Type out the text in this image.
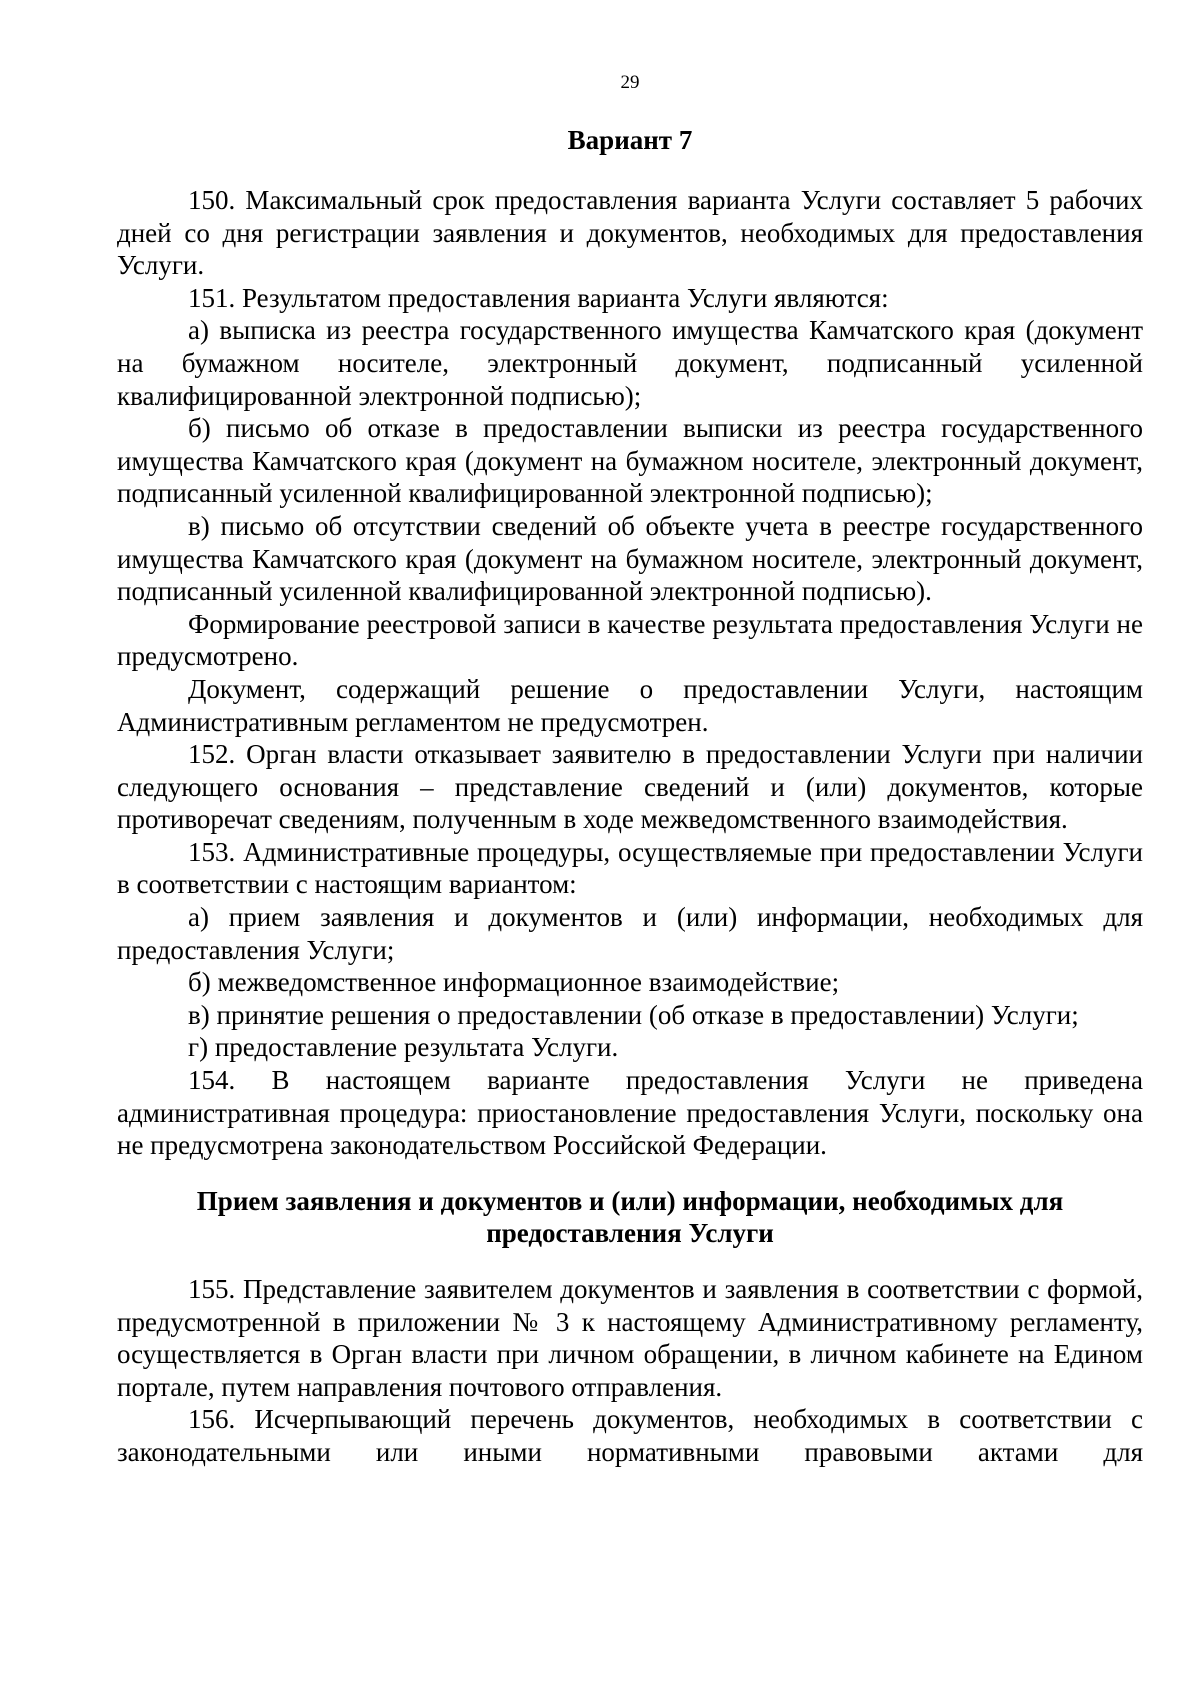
29
Вариант 7

150. Максимальный срок предоставления варианта Услуги составляет 5 рабочих дней со дня регистрации заявления и документов, необходимых для предоставления Услуги.

151. Результатом предоставления варианта Услуги являются:

а) выписка из реестра государственного имущества Камчатского края (документ на бумажном носителе, электронный документ, подписанный усиленной квалифицированной электронной подписью);

б) письмо об отказе в предоставлении выписки из реестра государственного имущества Камчатского края (документ на бумажном носителе, электронный документ, подписанный усиленной квалифицированной электронной подписью);

в) письмо об отсутствии сведений об объекте учета в реестре государственного имущества Камчатского края (документ на бумажном носителе, электронный документ, подписанный усиленной квалифицированной электронной подписью).

Формирование реестровой записи в качестве результата предоставления Услуги не предусмотрено.

Документ, содержащий решение о предоставлении Услуги, настоящим Административным регламентом не предусмотрен.

152. Орган власти отказывает заявителю в предоставлении Услуги при наличии следующего основания – представление сведений и (или) документов, которые противоречат сведениям, полученным в ходе межведомственного взаимодействия.

153. Административные процедуры, осуществляемые при предоставлении Услуги в соответствии с настоящим вариантом:

а) прием заявления и документов и (или) информации, необходимых для предоставления Услуги;

б) межведомственное информационное взаимодействие;

в) принятие решения о предоставлении (об отказе в предоставлении) Услуги;

г) предоставление результата Услуги.

154. В настоящем варианте предоставления Услуги не приведена административная процедура: приостановление предоставления Услуги, поскольку она не предусмотрена законодательством Российской Федерации.

Прием заявления и документов и (или) информации, необходимых для
предоставления Услуги

155. Представление заявителем документов и заявления в соответствии с формой, предусмотренной в приложении № 3 к настоящему Административному регламенту, осуществляется в Орган власти при личном обращении, в личном кабинете на Едином портале, путем направления почтового отправления.

156. Исчерпывающий перечень документов, необходимых в соответствии с законодательными или иными нормативными правовыми актами для
